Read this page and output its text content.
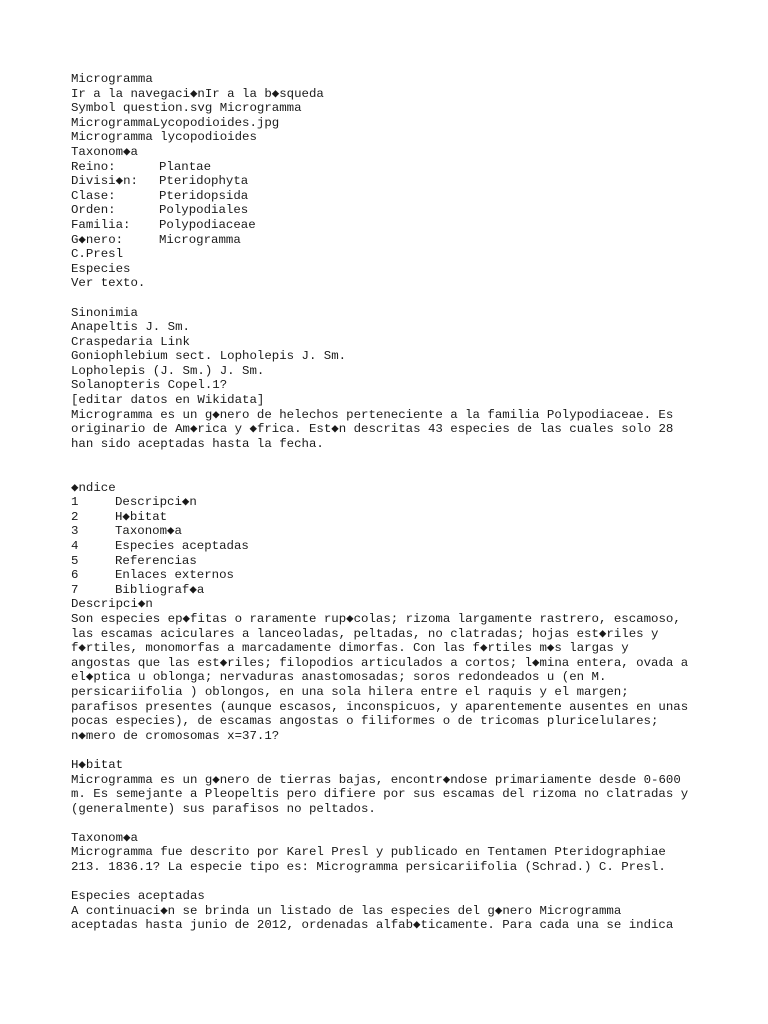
Microgramma
Ir a la navegaci◆nIr a la b◆squeda
Symbol question.svg Microgramma
MicrogrammaLycopodioides.jpg
Microgramma lycopodioides
Taxonom◆a
Reino:	Plantae
Divisi◆n:	Pteridophyta
Clase:	Pteridopsida
Orden:	Polypodiales
Familia:	Polypodiaceae
G◆nero:	Microgramma
C.Presl
Especies
Ver texto.
Sinonimia
Anapeltis J. Sm.
Craspedaria Link
Goniophlebium sect. Lopholepis J. Sm.
Lopholepis (J. Sm.) J. Sm.
Solanopteris Copel.1?
[editar datos en Wikidata]
Microgramma es un g◆nero de helechos perteneciente a la familia Polypodiaceae. Es
originario de Am◆rica y ◆frica. Est◆n descritas 43 especies de las cuales solo 28
han sido aceptadas hasta la fecha.
◆ndice
1	Descripci◆n
2	H◆bitat
3	Taxonom◆a
4	Especies aceptadas
5	Referencias
6	Enlaces externos
7	Bibliograf◆a
Descripci◆n
Son especies ep◆fitas o raramente rup◆colas; rizoma largamente rastrero, escamoso,
las escamas aciculares a lanceoladas, peltadas, no clatradas; hojas est◆riles y
f◆rtiles, monomorfas a marcadamente dimorfas. Con las f◆rtiles m◆s largas y
angostas que las est◆riles; filopodios articulados a cortos; l◆mina entera, ovada a
el◆ptica u oblonga; nervaduras anastomosadas; soros redondeados u (en M.
persicariifolia ) oblongos, en una sola hilera entre el raquis y el margen;
parafisos presentes (aunque escasos, inconspicuos, y aparentemente ausentes en unas
pocas especies), de escamas angostas o filiformes o de tricomas pluricelulares;
n◆mero de cromosomas x=37.1?
H◆bitat
Microgramma es un g◆nero de tierras bajas, encontr◆ndose primariamente desde 0-600
m. Es semejante a Pleopeltis pero difiere por sus escamas del rizoma no clatradas y
(generalmente) sus parafisos no peltados.
Taxonom◆a
Microgramma fue descrito por Karel Presl y publicado en Tentamen Pteridographiae
213. 1836.1? La especie tipo es: Microgramma persicariifolia (Schrad.) C. Presl.
Especies aceptadas
A continuaci◆n se brinda un listado de las especies del g◆nero Microgramma
aceptadas hasta junio de 2012, ordenadas alfab◆ticamente. Para cada una se indica
